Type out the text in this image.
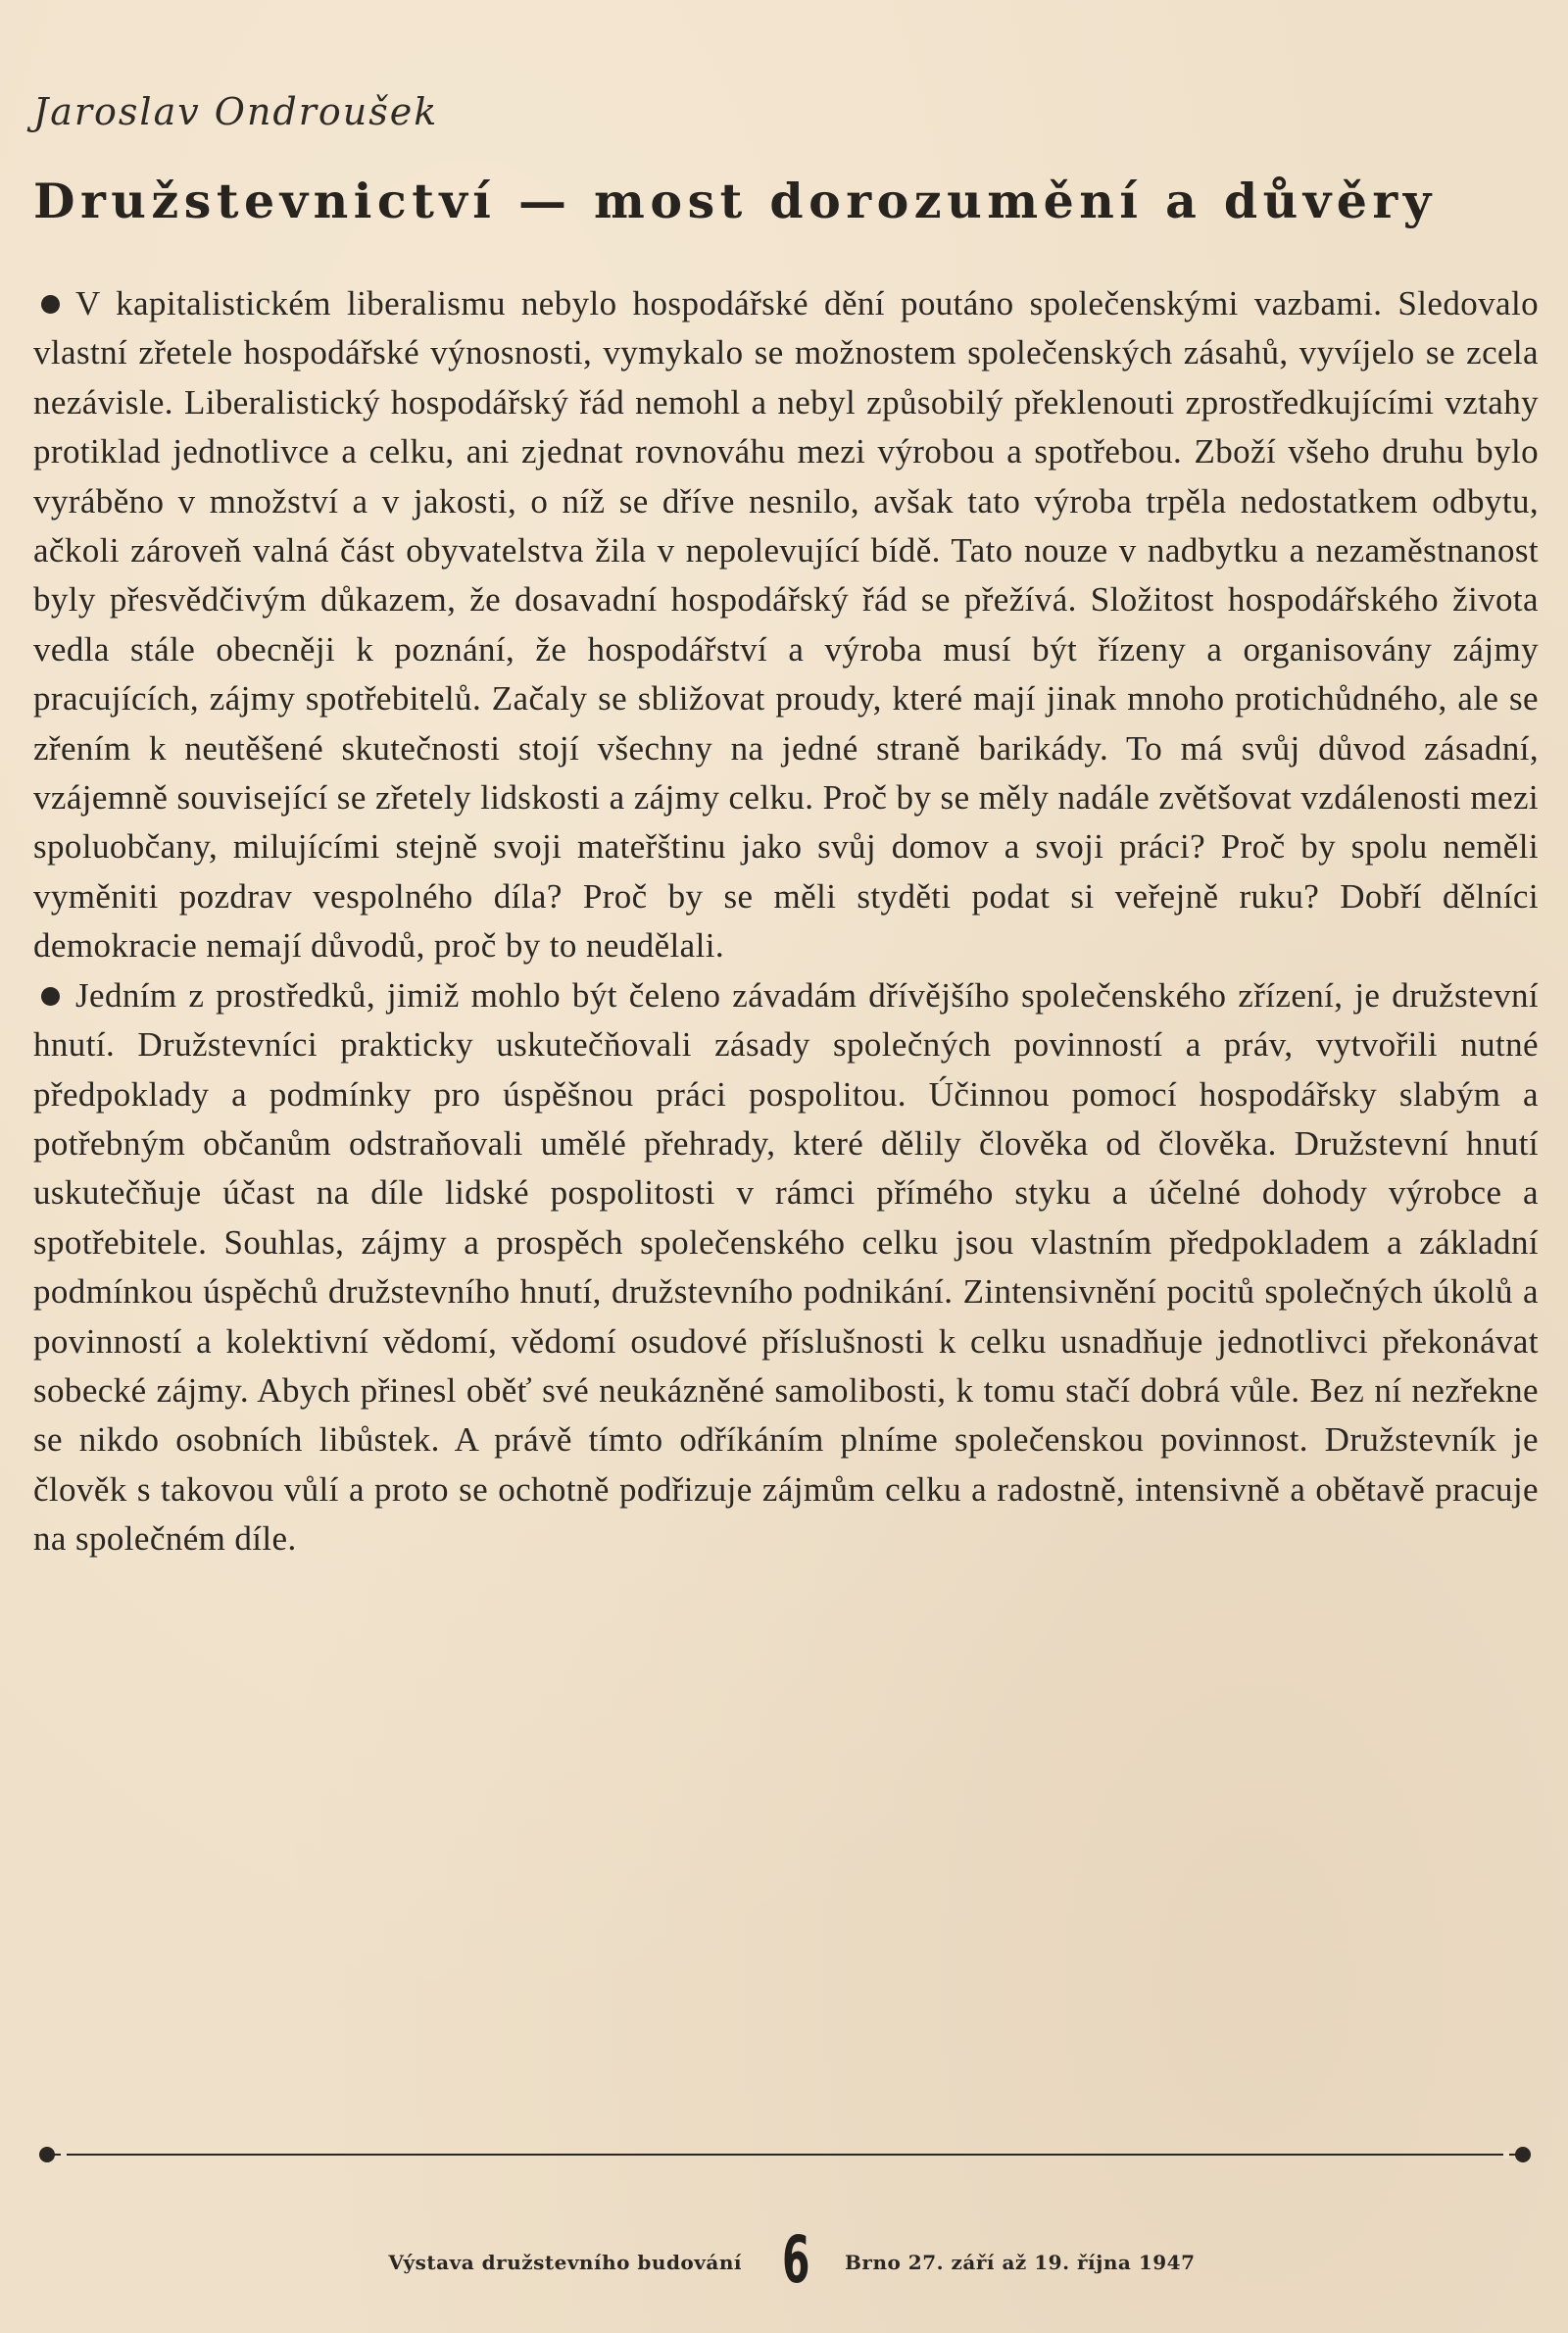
Jaroslav Ondroušek
Družstevnictví — most dorozumění a důvěry

V kapitalistickém liberalismu nebylo hospodářské dění poutáno společenskými vazbami. Sledovalo vlastní zřetele hospodářské výnosnosti, vymykalo se možnostem společenských zásahů, vyvíjelo se zcela nezávisle. Liberalistický hospodářský řád nemohl a nebyl způsobilý překlenouti zprostředkujícími vztahy protiklad jednotlivce a celku, ani zjednat rovnováhu mezi výrobou a spotřebou. Zboží všeho druhu bylo vyráběno v množství a v jakosti, o níž se dříve nesnilo, avšak tato výroba trpěla nedostatkem odbytu, ačkoli zároveň valná část obyvatelstva žila v nepolevující bídě. Tato nouze v nadbytku a nezaměstnanost byly přesvědčivým důkazem, že dosavadní hospodářský řád se přežívá. Složitost hospodářského života vedla stále obecněji k poznání, že hospodářství a výroba musí být řízeny a organisovány zájmy pracujících, zájmy spotřebitelů. Začaly se sbližovat proudy, které mají jinak mnoho protichůdného, ale se zřením k neutěšené skutečnosti stojí všechny na jedné straně barikády. To má svůj důvod zásadní, vzájemně související se zřetely lidskosti a zájmy celku. Proč by se měly nadále zvětšovat vzdálenosti mezi spoluobčany, milujícími stejně svoji mateřštinu jako svůj domov a svoji práci? Proč by spolu neměli vyměniti pozdrav vespolného díla? Proč by se měli styděti podat si veřejně ruku? Dobří dělníci demokracie nemají důvodů, proč by to neudělali.

Jedním z prostředků, jimiž mohlo být čeleno závadám dřívějšího společenského zřízení, je družstevní hnutí. Družstevníci prakticky uskutečňovali zásady společných povinností a práv, vytvořili nutné předpoklady a podmínky pro úspěšnou práci pospolitou. Účinnou pomocí hospodářsky slabým a potřebným občanům odstraňovali umělé přehrady, které dělily člověka od člověka. Družstevní hnutí uskutečňuje účast na díle lidské pospolitosti v rámci přímého styku a účelné dohody výrobce a spotřebitele. Souhlas, zájmy a prospěch společenského celku jsou vlastním předpokladem a základní podmínkou úspěchů družstevního hnutí, družstevního podnikání. Zintensivnění pocitů společných úkolů a povinností a kolektivní vědomí, vědomí osudové příslušnosti k celku usnadňuje jednotlivci překonávat sobecké zájmy. Abych přinesl oběť své neukázněné samolibosti, k tomu stačí dobrá vůle. Bez ní nezřekne se nikdo osobních libůstek. A právě tímto odříkáním plníme společenskou povinnost. Družstevník je člověk s takovou vůlí a proto se ochotně podřizuje zájmům celku a radostně, intensivně a obětavě pracuje na společném díle.

Výstava družstevního budování 6 Brno 27. září až 19. října 1947
